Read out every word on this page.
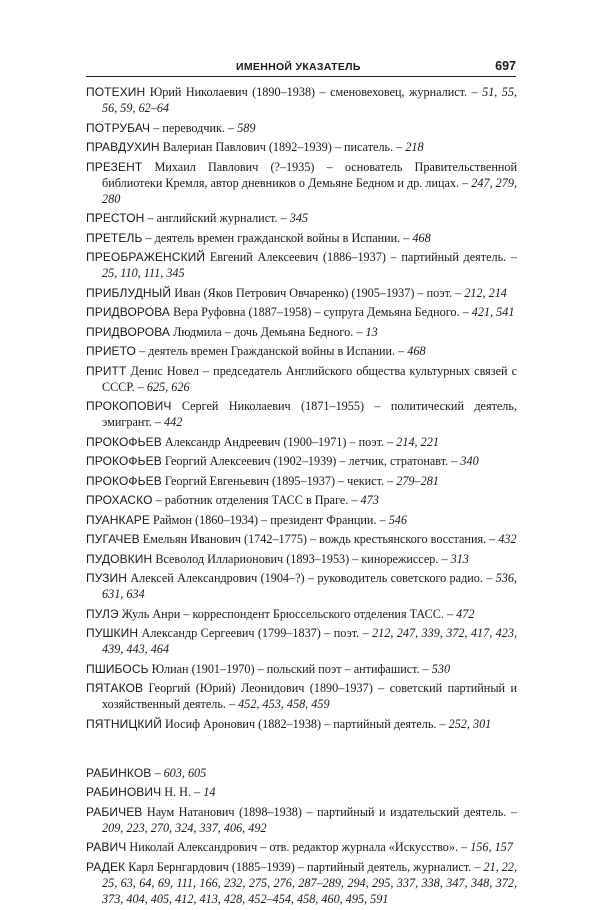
ИМЕННОЙ УКАЗАТЕЛЬ	697

ПОТЕХИН Юрий Николаевич (1890–1938) – сменовеховец, журналист. – 51, 55, 56, 59, 62–64

ПОТРУБАЧ – переводчик. – 589

ПРАВДУХИН Валериан Павлович (1892–1939) – писатель. – 218

ПРЕЗЕНТ Михаил Павлович (?–1935) – основатель Правительственной библиотеки Кремля, автор дневников о Демьяне Бедном и др. лицах. – 247, 279, 280

ПРЕСТОН – английский журналист. – 345

ПРЕТЕЛЬ – деятель времен гражданской войны в Испании. – 468

ПРЕОБРАЖЕНСКИЙ Евгений Алексеевич (1886–1937) – партийный деятель. – 25, 110, 111, 345

ПРИБЛУДНЫЙ Иван (Яков Петрович Овчаренко) (1905–1937) – поэт. – 212, 214

ПРИДВОРОВА Вера Руфовна (1887–1958) – супруга Демьяна Бедного. – 421, 541

ПРИДВОРОВА Людмила – дочь Демьяна Бедного. – 13

ПРИЕТО – деятель времен Гражданской войны в Испании. – 468

ПРИТТ Денис Новел – председатель Английского общества культурных связей с СССР. – 625, 626

ПРОКОПОВИЧ Сергей Николаевич (1871–1955) – политический деятель, эмигрант. – 442

ПРОКОФЬЕВ Александр Андреевич (1900–1971) – поэт. – 214, 221

ПРОКОФЬЕВ Георгий Алексеевич (1902–1939) – летчик, стратонавт. – 340

ПРОКОФЬЕВ Георгий Евгеньевич (1895–1937) – чекист. – 279–281

ПРОХАСКО – работник отделения ТАСС в Праге. – 473

ПУАНКАРЕ Раймон (1860–1934) – президент Франции. – 546

ПУГАЧЕВ Емельян Иванович (1742–1775) – вождь крестьянского восстания. – 432

ПУДОВКИН Всеволод Илларионович (1893–1953) – кинорежиссер. – 313

ПУЗИН Алексей Александрович (1904–?) – руководитель советского радио. – 536, 631, 634

ПУЛЭ Жуль Анри – корреспондент Брюссельского отделения ТАСС. – 472

ПУШКИН Александр Сергеевич (1799–1837) – поэт. – 212, 247, 339, 372, 417, 423, 439, 443, 464

ПШИБОСЬ Юлиан (1901–1970) – польский поэт – антифашист. – 530

ПЯТАКОВ Георгий (Юрий) Леонидович (1890–1937) – советский партийный и хозяйственный деятель. – 452, 453, 458, 459

ПЯТНИЦКИЙ Иосиф Аронович (1882–1938) – партийный деятель. – 252, 301

РАБИНКОВ – 603, 605

РАБИНОВИЧ Н. Н. – 14

РАБИЧЕВ Наум Натанович (1898–1938) – партийный и издательский деятель. – 209, 223, 270, 324, 337, 406, 492

РАВИЧ Николай Александрович – отв. редактор журнала «Искусство». – 156, 157

РАДЕК Карл Бернгардович (1885–1939) – партийный деятель, журналист. – 21, 22, 25, 63, 64, 69, 111, 166, 232, 275, 276, 287–289, 294, 295, 337, 338, 347, 348, 372, 373, 404, 405, 412, 413, 428, 452–454, 458, 460, 495, 591
